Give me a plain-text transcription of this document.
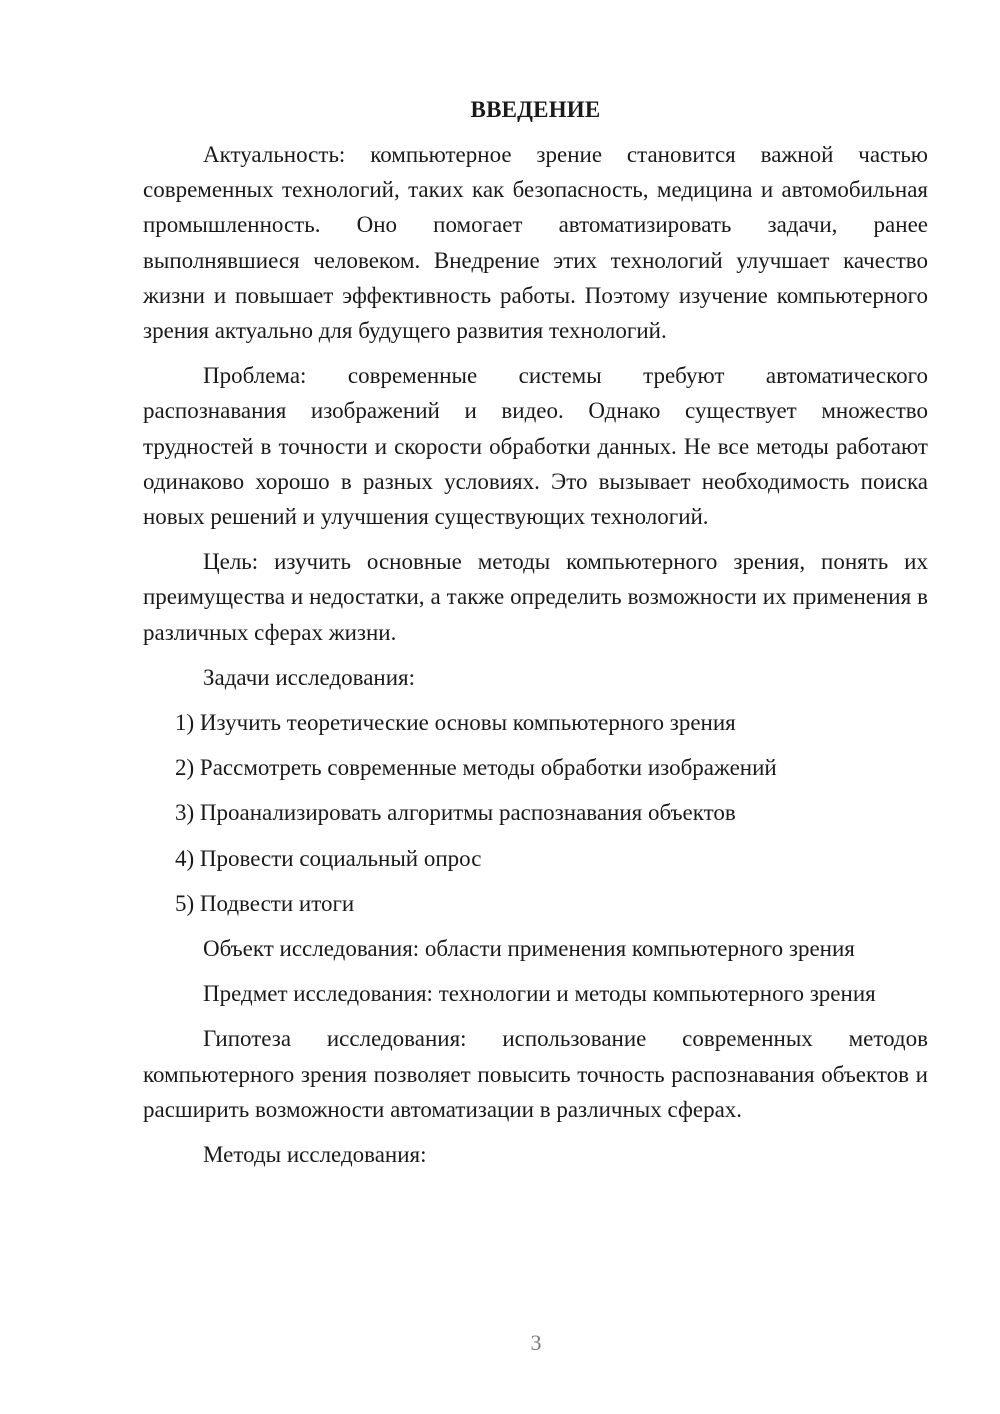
ВВЕДЕНИЕ

Актуальность: компьютерное зрение становится важной частью современных технологий, таких как безопасность, медицина и автомобильная промышленность. Оно помогает автоматизировать задачи, ранее выполнявшиеся человеком. Внедрение этих технологий улучшает качество жизни и повышает эффективность работы. Поэтому изучение компьютерного зрения актуально для будущего развития технологий.

Проблема: современные системы требуют автоматического распознавания изображений и видео. Однако существует множество трудностей в точности и скорости обработки данных. Не все методы работают одинаково хорошо в разных условиях. Это вызывает необходимость поиска новых решений и улучшения существующих технологий.

Цель: изучить основные методы компьютерного зрения, понять их преимущества и недостатки, а также определить возможности их применения в различных сферах жизни.

Задачи исследования:
1) Изучить теоретические основы компьютерного зрения
2) Рассмотреть современные методы обработки изображений
3) Проанализировать алгоритмы распознавания объектов
4) Провести социальный опрос
5) Подвести итоги
Объект исследования: области применения компьютерного зрения

Предмет исследования: технологии и методы компьютерного зрения

Гипотеза исследования: использование современных методов компьютерного зрения позволяет повысить точность распознавания объектов и расширить возможности автоматизации в различных сферах.

Методы исследования:
3
